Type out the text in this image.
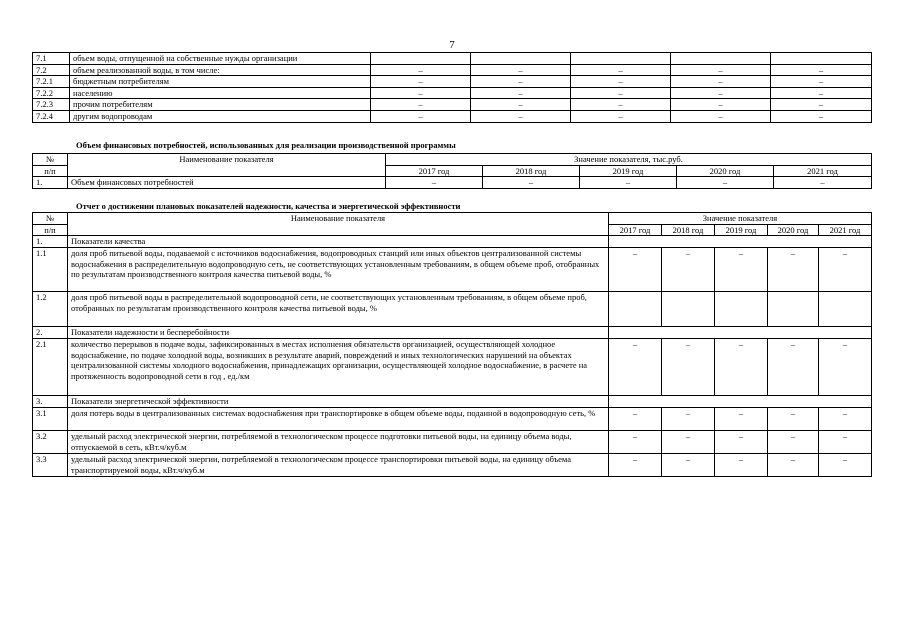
7
7.1	объем воды, отпущенной на собственные нужды организации					
7.2	объем реализованной воды, в том числе:	–	–	–	–	–
7.2.1	бюджетным потребителям	–	–	–	–	–
7.2.2	населению	–	–	–	–	–
7.2.3	прочим потребителям	–	–	–	–	–
7.2.4	другим водопроводам	–	–	–	–	–
Объем финансовых потребностей, использованных для реализации производственной программы
№	Наименование показателя	Значение показателя, тыс.руб.				
п/п		2017 год	2018 год	2019 год	2020 год	2021 год
1.	Объем финансовых потребностей	–	–	–	–	–
Отчет о достижении плановых показателей надежности, качества и энергетической эффективности
№	Наименование показателя	Значение показателя				
п/п		2017 год	2018 год	2019 год	2020 год	2021 год
1.	Показатели качества					
1.1	доля проб питьевой воды, подаваемой с источников водоснабжения, водопроводных станций или иных объектов централизованной системы водоснабжения в распределительную водопроводную сеть, не соответствующих установленным требованиям, в общем объеме проб, отобранных по результатам производственного контроля качества питьевой воды, %	–	–	–	–	–
1.2	доля проб питьевой воды в распределительной водопроводной сети, не соответствующих установленным требованиям, в общем объеме проб, отобранных по результатам производственного контроля качества питьевой воды, %					
2.	Показатели надежности и бесперебойности					
2.1	количество перерывов в подаче воды, зафиксированных в местах исполнения обязательств организацией, осуществляющей холодное водоснабжение, по подаче холодной воды, возникших в результате аварий, повреждений и иных технологических нарушений на объектах централизованной системы холодного водоснабжения, принадлежащих организации, осуществляющей холодное водоснабжение, в расчете на протяженность водопроводной сети в год , ед./км	–	–	–	–	–
3.	Показатели энергетической эффективности					
3.1	доля потерь воды в централизованных системах водоснабжения при транспортировке в общем объеме воды, поданной в водопроводную сеть, %	–	–	–	–	–
3.2	удельный расход электрической энергии, потребляемой в технологическом процессе подготовки питьевой воды, на единицу объема воды, отпускаемой в сеть, кВт.ч/куб.м	–	–	–	–	–
3.3	удельный расход электрической энергии, потребляемой в технологическом процессе транспортировки питьевой воды, на единицу объема транспортируемой воды, кВт.ч/куб.м	–	–	–	–	–
